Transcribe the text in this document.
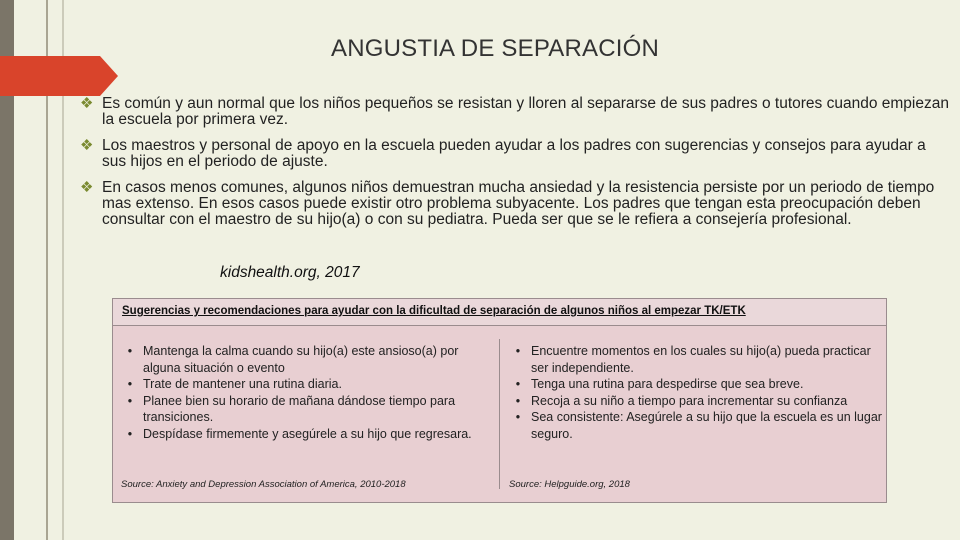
ANGUSTIA DE SEPARACIÓN
❖ Es común y aun normal que los niños pequeños se resistan y lloren al separarse de sus padres o tutores cuando empiezan la escuela por primera vez.
❖ Los maestros y personal de apoyo en la escuela pueden ayudar a los padres con sugerencias y consejos para ayudar a sus hijos en el periodo de ajuste.
❖ En casos menos comunes, algunos niños demuestran mucha ansiedad y la resistencia persiste por un periodo de tiempo mas extenso. En esos casos puede existir otro problema subyacente. Los padres que tengan esta preocupación deben consultar con el maestro de su hijo(a) o con su pediatra. Pueda ser que se le refiera a consejería profesional.
kidshealth.org, 2017
Sugerencias y recomendaciones para ayudar con la dificultad de separación de algunos niños al empezar TK/ETK
• Mantenga la calma cuando su hijo(a) este ansioso(a) por alguna situación o evento
• Trate de mantener una rutina diaria.
• Planee bien su horario de mañana dándose tiempo para transiciones.
• Despídase firmemente y asegúrele a su hijo que regresara.
• Encuentre momentos en los cuales su hijo(a) pueda practicar ser independiente.
• Tenga una rutina para despedirse que sea breve.
• Recoja a su niño a tiempo para incrementar su confianza
• Sea consistente: Asegúrele a su hijo que la escuela es un lugar seguro.
Source: Anxiety and Depression Association of America, 2010-2018	Source: Helpguide.org, 2018
